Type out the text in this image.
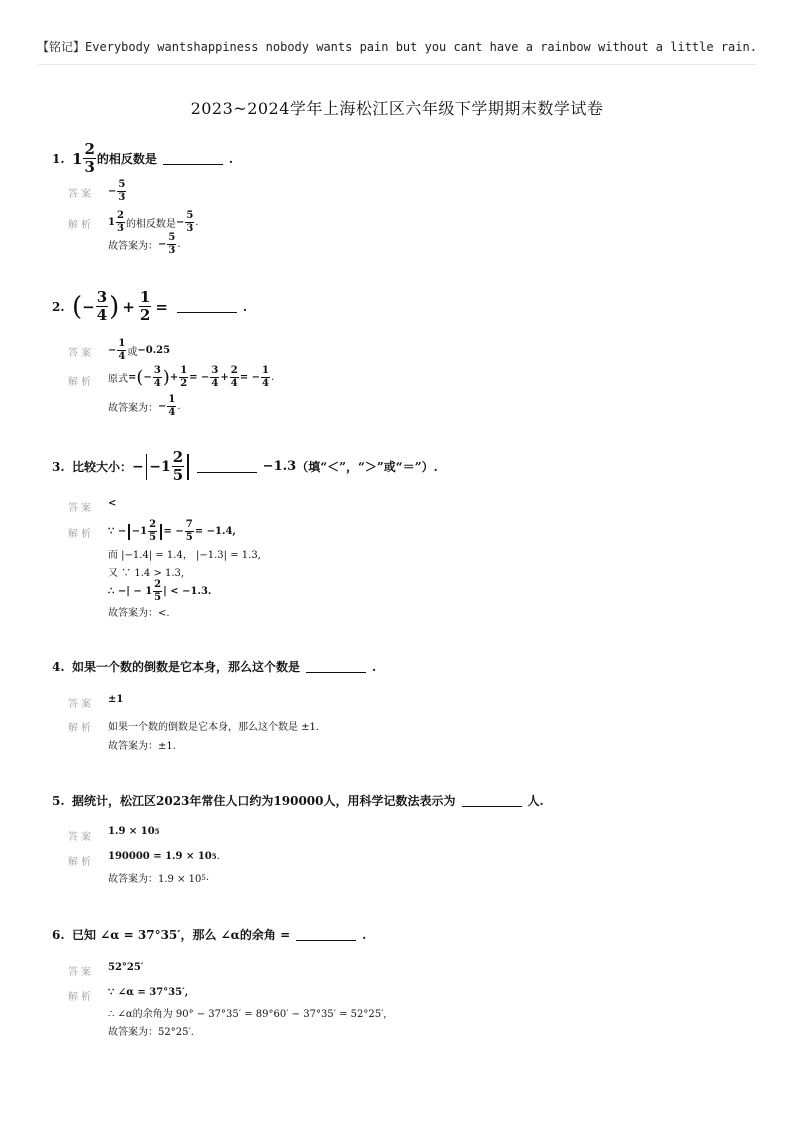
【铭记】Everybody wantshappiness nobody wants pain but you cant have a rainbow without a little rain.
2023~2024学年上海松江区六年级下学期期末数学试卷
1. $1 \frac{2}{3}$ 的相反数是	.
答案 − $\frac{5}{3}$
解析 $1 \frac{2}{3}$ 的相反数是 − $\frac{5}{3}$ .
故答案为： − $\frac{5}{3}$ .
2. ( − $\frac{3}{4}$ ) + $\frac{1}{2}$ =	.
答案 − $\frac{1}{4}$ 或 −0.25
解析 原式 = ( − $\frac{3}{4}$ ) + $\frac{1}{2}$ = − $\frac{3}{4} + \frac{2}{4}$ = − $\frac{1}{4}$ .
故答案为： − $\frac{1}{4}$ .
3. 比较大小： − $-1 \frac{2}{5}$	−1.3 （填“＜”，“＞”或“＝”）.
答案 <
解析 ∵ − $-1 \frac{2}{5}$ = − $\frac{7}{5} = -1.4$,
而 |−1.4| = 1.4， |−1.3| = 1.3,
又 ∵ 1.4 > 1.3,
∴ −| − $1 \frac{2}{5}$ | < −1.3.
故答案为：<.
4. 如果一个数的倒数是它本身，那么这个数是	.
答案 ±1
解析 如果一个数的倒数是它本身，那么这个数是 ±1.
故答案为：±1.
5. 据统计，松江区2023年常住人口约为190000人，用科学记数法表示为	人.
答案
1.9 × 10 5
解析
190000 = 1.9 × 10 5 .
故答案为：1.9 × 10 5 .
6. 已知 ∠α = 37°35′，那么 ∠α的余角 =	.
答案 52°25′
解析 ∵ ∠α = 37°35′,
∴ ∠α的余角为 90° − 37°35′ = 89°60′ − 37°35′ = 52°25′,
故答案为：52°25′.
